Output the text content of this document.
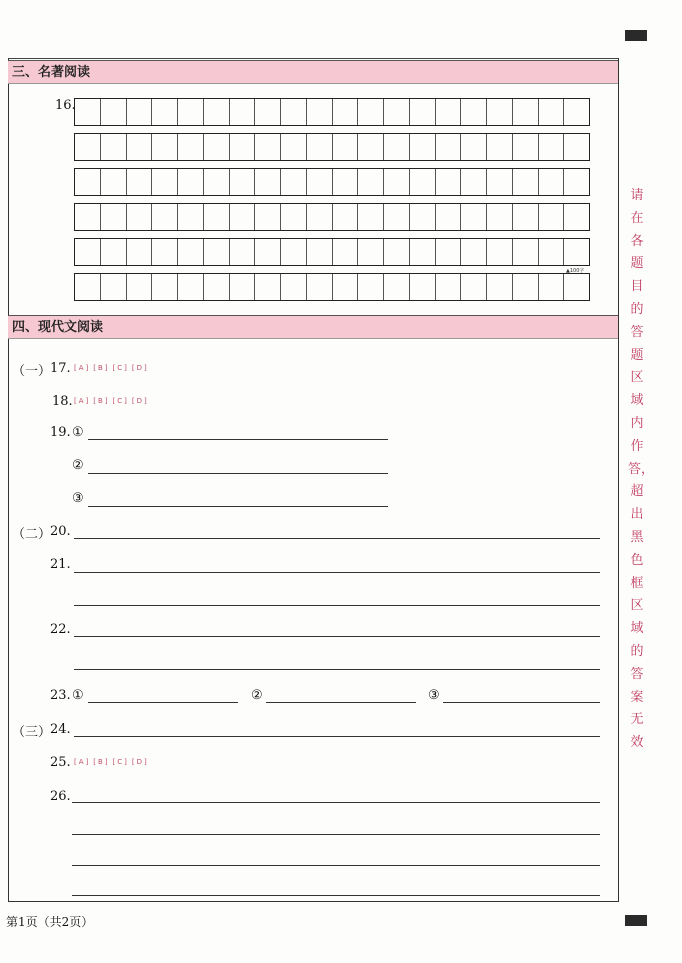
三、名著阅读
16.
▲100字
四、现代文阅读
（一）
17. [A] [B] [C] [D]
18. [A] [B] [C] [D]
19. ①
②
③
（二）
20.
21.
22.
23. ①	②	③
（三）
24.
25. [A] [B] [C] [D]
26.
请在各题目的答题区域内作答，超出黑色框区域的答案无效
第1页（共2页）
